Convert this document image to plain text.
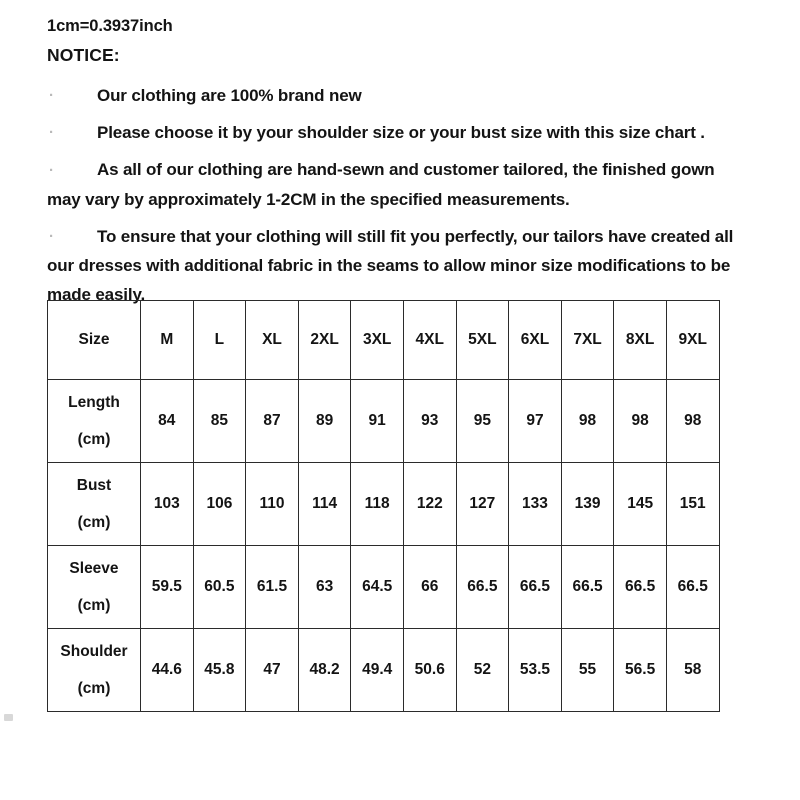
1cm=0.3937inch

NOTICE:

·	Our clothing are 100% brand new
·	Please choose it by your shoulder size or your bust size with this size chart .
·	As all of our clothing are hand-sewn and customer tailored, the finished gown may vary by approximately 1-2CM in the specified measurements.
·	To ensure that your clothing will still fit you perfectly, our tailors have created all our dresses with additional fabric in the seams to allow minor size modifications to be made easily.
Size	M	L	XL	2XL	3XL	4XL	5XL	6XL	7XL	8XL	9XL

Length
(cm)	84	85	87	89	91	93	95	97	98	98	98

Bust
(cm)	103	106	110	114	118	122	127	133	139	145	151

Sleeve
(cm)	59.5	60.5	61.5	63	64.5	66	66.5	66.5	66.5	66.5	66.5

Shoulder
(cm)	44.6	45.8	47	48.2	49.4	50.6	52	53.5	55	56.5	58
